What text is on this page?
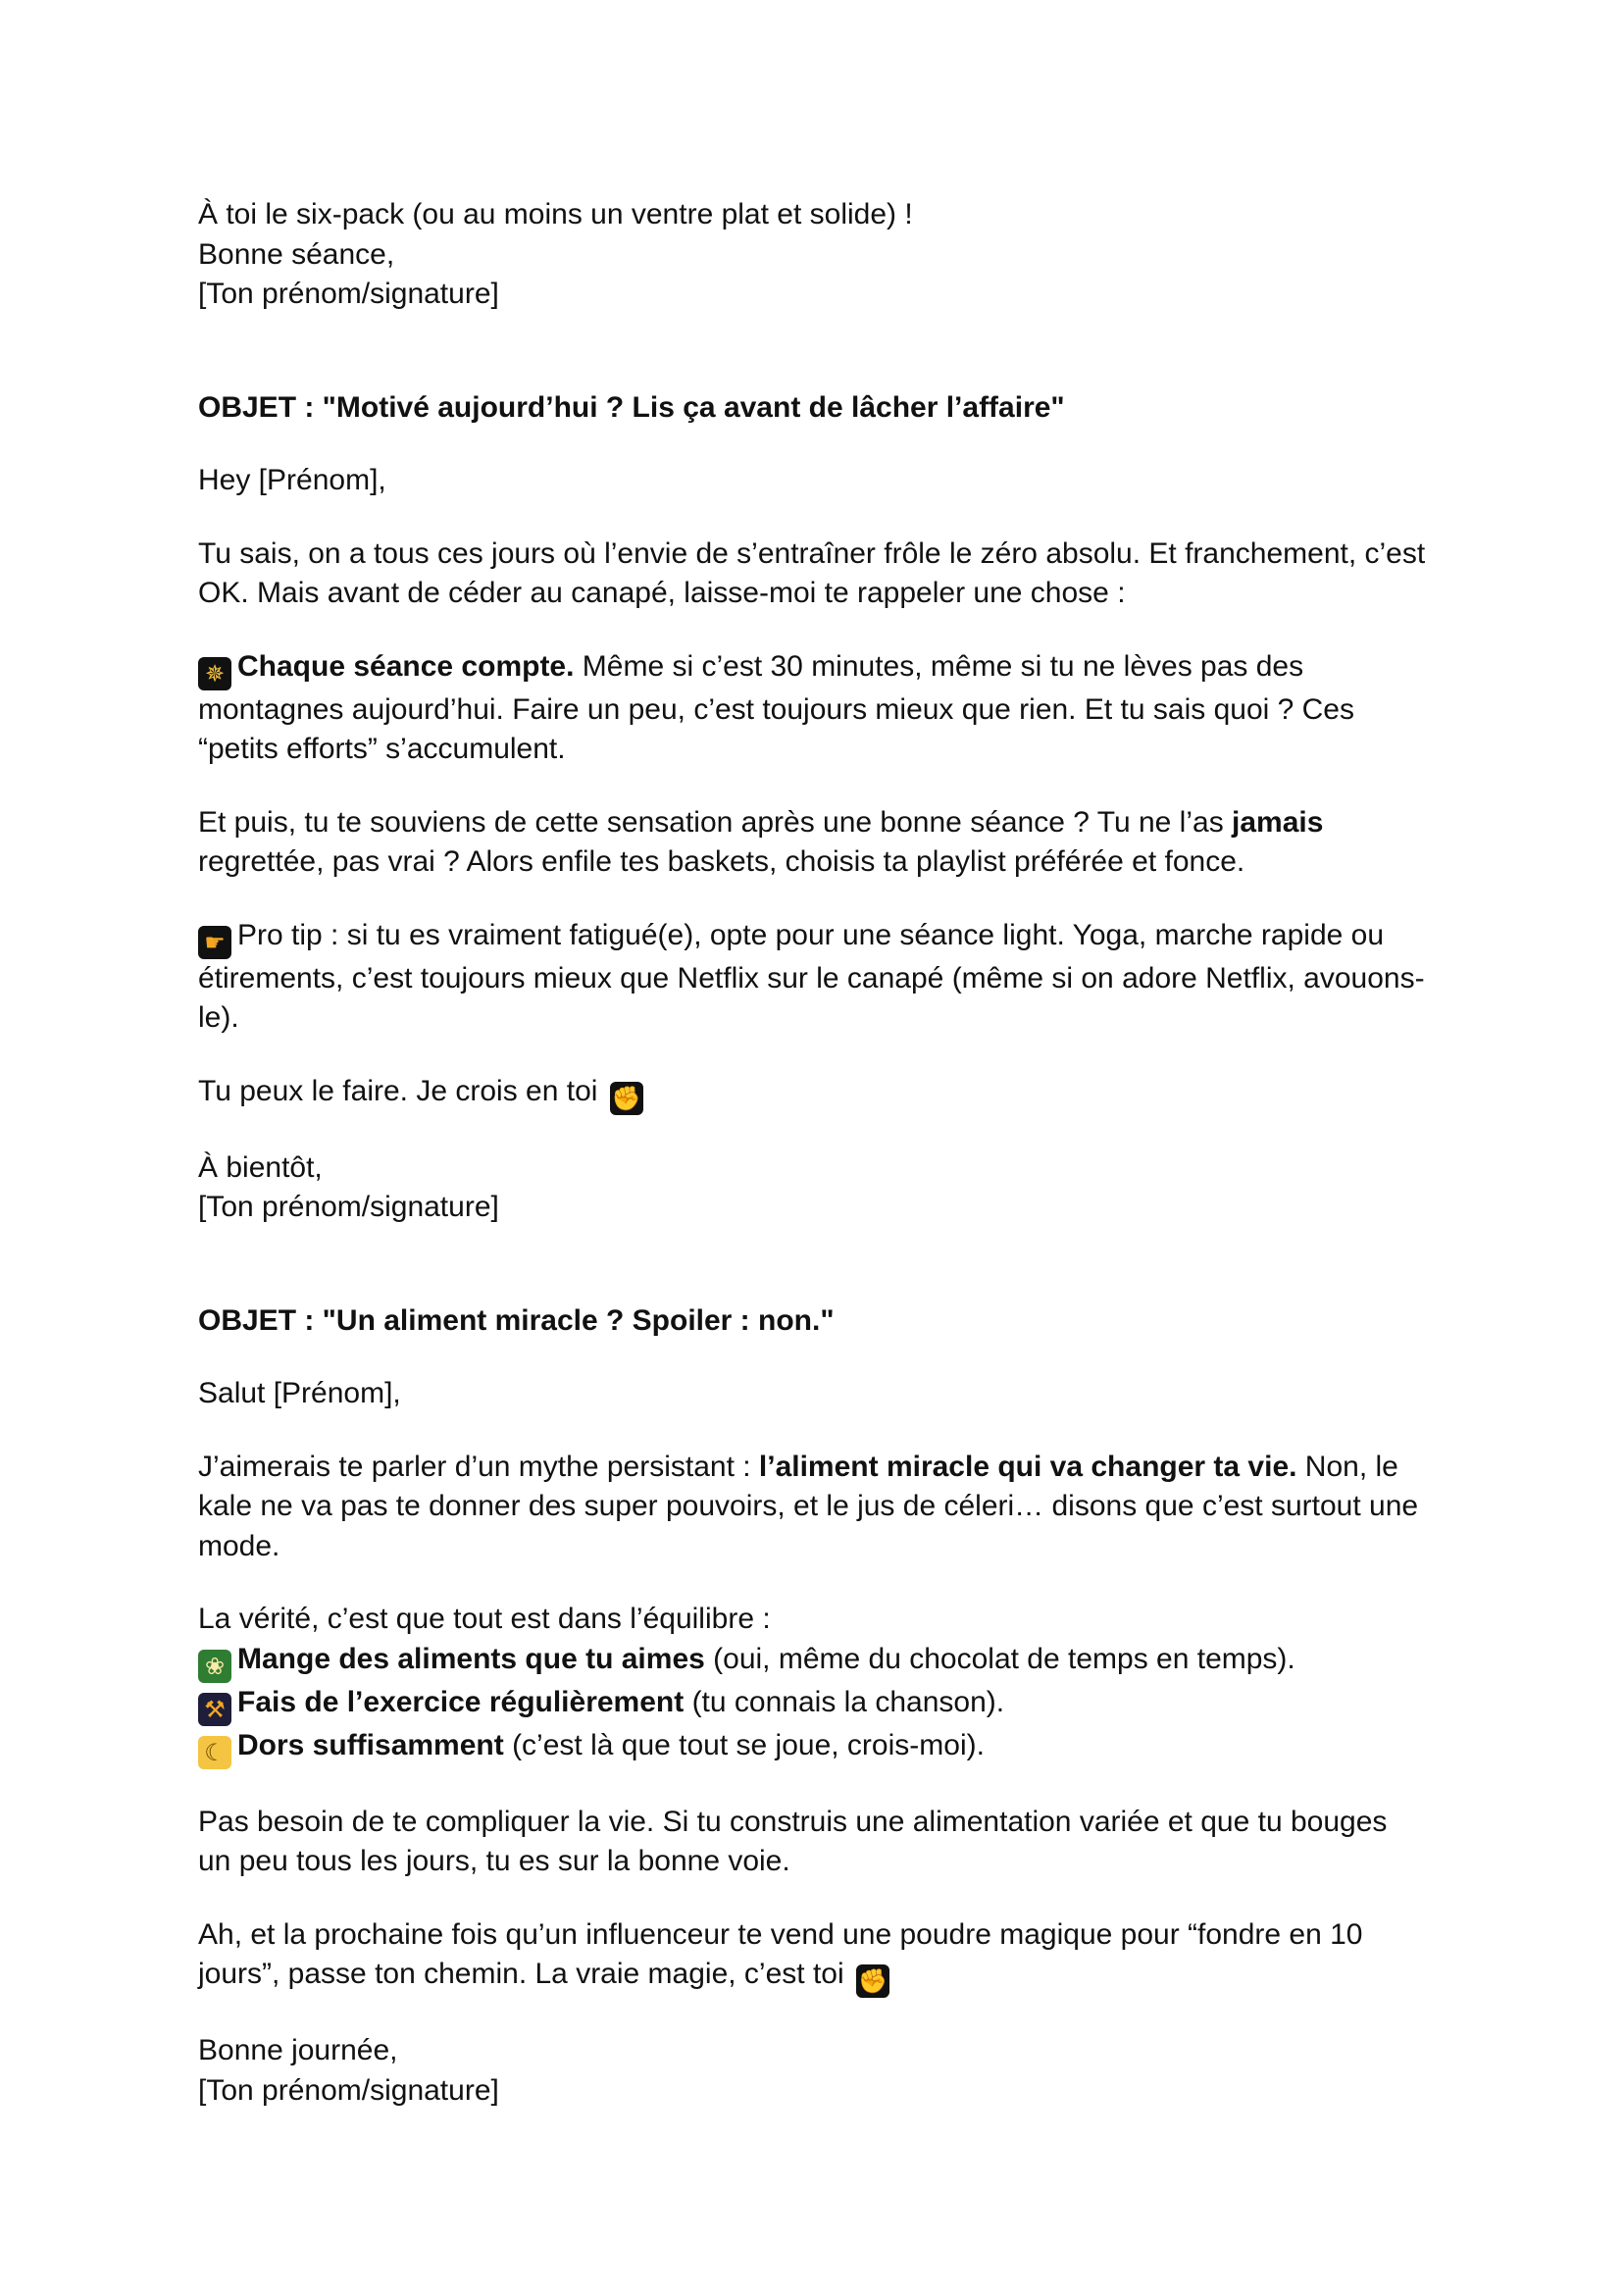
À toi le six-pack (ou au moins un ventre plat et solide) !

Bonne séance,

[Ton prénom/signature]

OBJET : "Motivé aujourd’hui ? Lis ça avant de lâcher l’affaire"

Hey [Prénom],

Tu sais, on a tous ces jours où l’envie de s’entraîner frôle le zéro absolu. Et franchement, c’est OK. Mais avant de céder au canapé, laisse-moi te rappeler une chose :

✵ Chaque séance compte. Même si c’est 30 minutes, même si tu ne lèves pas des montagnes aujourd’hui. Faire un peu, c’est toujours mieux que rien. Et tu sais quoi ? Ces “petits efforts” s’accumulent.

Et puis, tu te souviens de cette sensation après une bonne séance ? Tu ne l’as jamais regrettée, pas vrai ? Alors enfile tes baskets, choisis ta playlist préférée et fonce.

☛ Pro tip : si tu es vraiment fatigué(e), opte pour une séance light. Yoga, marche rapide ou étirements, c’est toujours mieux que Netflix sur le canapé (même si on adore Netflix, avouons-le).

Tu peux le faire. Je crois en toi ✊

À bientôt,

[Ton prénom/signature]

OBJET : "Un aliment miracle ? Spoiler : non."

Salut [Prénom],

J’aimerais te parler d’un mythe persistant : l’aliment miracle qui va changer ta vie. Non, le kale ne va pas te donner des super pouvoirs, et le jus de céleri… disons que c’est surtout une mode.

La vérité, c’est que tout est dans l’équilibre :

❀ Mange des aliments que tu aimes (oui, même du chocolat de temps en temps).

⚒ Fais de l’exercice régulièrement (tu connais la chanson).

☾ Dors suffisamment (c’est là que tout se joue, crois-moi).

Pas besoin de te compliquer la vie. Si tu construis une alimentation variée et que tu bouges un peu tous les jours, tu es sur la bonne voie.

Ah, et la prochaine fois qu’un influenceur te vend une poudre magique pour “fondre en 10 jours”, passe ton chemin. La vraie magie, c’est toi ✊

Bonne journée,

[Ton prénom/signature]
